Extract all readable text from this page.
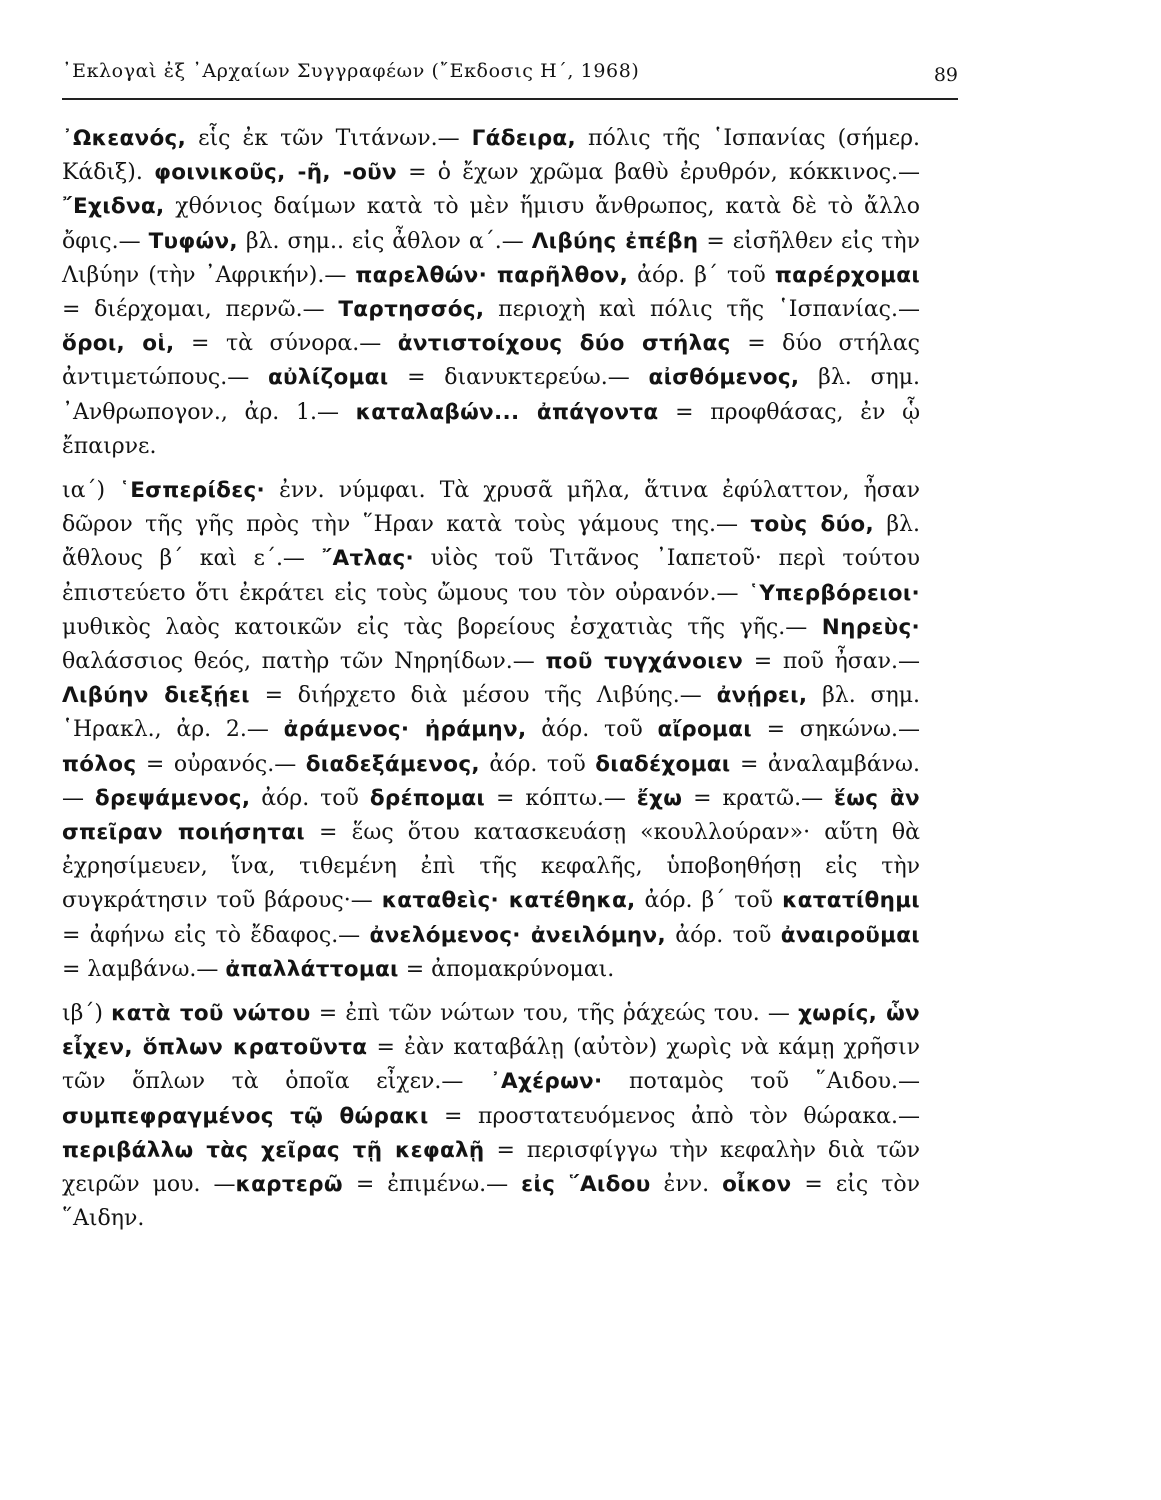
᾿Εκλογαὶ ἐξ ᾿Αρχαίων Συγγραφέων (῎Εκδοσις Η΄, 1968)	89

᾿Ωκεανός, εἷς ἐκ τῶν Τιτάνων.— Γάδειρα, πόλις τῆς ῾Ισπανίας (σήμερ. Κάδιξ). φοινικοῦς, -ῆ, -οῦν = ὁ ἔχων χρῶμα βαθὺ ἐρυθρόν, κόκκινος.— ῎Εχιδνα, χθόνιος δαίμων κατὰ τὸ μὲν ἥμισυ ἄνθρωπος, κατὰ δὲ τὸ ἄλλο ὄφις.— Τυφών, βλ. σημ.. εἰς ἆθλον α΄.— Λιβύης ἐπέβη = εἰσῆλθεν εἰς τὴν Λιβύην (τὴν ᾿Αφρικήν).— παρελθών· παρῆλθον, ἀόρ. β΄ τοῦ παρέρχομαι = διέρχομαι, περνῶ.— Ταρτησσός, περιοχὴ καὶ πόλις τῆς ῾Ισπανίας.— ὅροι, οἱ, = τὰ σύνορα.— ἀντιστοίχους δύο στήλας = δύο στήλας ἀντιμετώπους.— αὐλίζομαι = διανυκτερεύω.— αἰσθόμενος, βλ. σημ. ᾿Ανθρωπογον., ἀρ. 1.— καταλαβών... ἀπάγοντα = προφθάσας, ἐν ᾧ ἔπαιρνε.

ια΄) ῾Εσπερίδες· ἐνν. νύμφαι. Τὰ χρυσᾶ μῆλα, ἅτινα ἐφύλαττον, ἦσαν δῶρον τῆς γῆς πρὸς τὴν ῞Ηραν κατὰ τοὺς γάμους της.— τοὺς δύο, βλ. ἄθλους β΄ καὶ ε΄.— ῎Ατλας· υἱὸς τοῦ Τιτᾶνος ᾿Ιαπετοῦ· περὶ τούτου ἐπιστεύετο ὅτι ἐκράτει εἰς τοὺς ὤμους του τὸν οὐρανόν.— ῾Υπερβόρειοι· μυθικὸς λαὸς κατοικῶν εἰς τὰς βορείους ἐσχατιὰς τῆς γῆς.— Νηρεὺς· θαλάσσιος θεός, πατὴρ τῶν Νηρηίδων.— ποῦ τυγχάνοιεν = ποῦ ἦσαν.— Λιβύην διεξῄει = διήρχετο διὰ μέσου τῆς Λιβύης.— ἀνῄρει, βλ. σημ. ῾Ηρακλ., ἀρ. 2.— ἀράμενος· ἠράμην, ἀόρ. τοῦ αἴρομαι = σηκώνω.— πόλος = οὐρανός.— διαδεξάμενος, ἀόρ. τοῦ διαδέχομαι = ἀναλαμβάνω.— δρεψάμενος, ἀόρ. τοῦ δρέπομαι = κόπτω.— ἔχω = κρατῶ.— ἕως ἂν σπεῖραν ποιήσηται = ἕως ὅτου κατασκευάσῃ «κουλλούραν»· αὕτη θὰ ἐχρησίμευεν, ἵνα, τιθεμένη ἐπὶ τῆς κεφαλῆς, ὑποβοηθήσῃ εἰς τὴν συγκράτησιν τοῦ βάρους·— καταθεὶς· κατέθηκα, ἀόρ. β΄ τοῦ κατατίθημι = ἀφήνω εἰς τὸ ἔδαφος.— ἀνελόμενος· ἀνειλόμην, ἀόρ. τοῦ ἀναιροῦμαι = λαμβάνω.— ἀπαλλάττομαι = ἀπομακρύνομαι.

ιβ΄) κατὰ τοῦ νώτου = ἐπὶ τῶν νώτων του, τῆς ῥάχεώς του. — χωρίς, ὧν εἶχεν, ὅπλων κρατοῦντα = ἐὰν καταβάλῃ (αὐτὸν) χωρὶς νὰ κάμῃ χρῆσιν τῶν ὅπλων τὰ ὁποῖα εἶχεν.— ᾿Αχέρων· ποταμὸς τοῦ ῞Αιδου.— συμπεφραγμένος τῷ θώρακι = προστατευόμενος ἀπὸ τὸν θώρακα.— περιβάλλω τὰς χεῖρας τῇ κεφαλῇ = περισφίγγω τὴν κεφαλὴν διὰ τῶν χειρῶν μου. —καρτερῶ = ἐπιμένω.— εἰς ῞Αιδου ἐνν. οἶκον = εἰς τὸν ῞Αιδην.
